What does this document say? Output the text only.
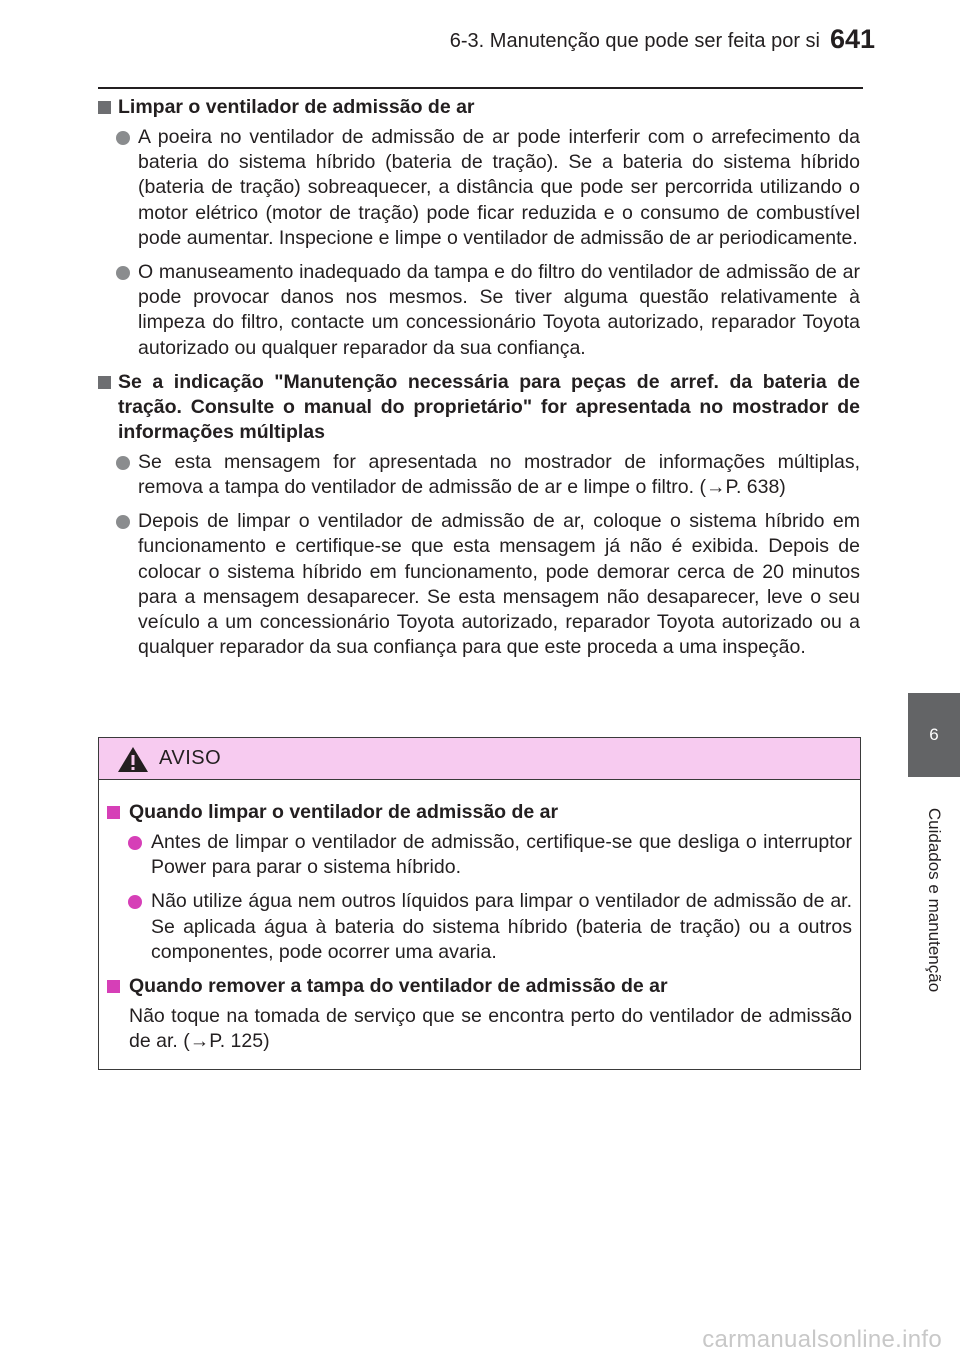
6-3. Manutenção que pode ser feita por si 641
6
Cuidados e manutenção
Limpar o ventilador de admissão de ar
A poeira no ventilador de admissão de ar pode interferir com o arrefecimento da bateria do sistema híbrido (bateria de tração). Se a bateria do sistema híbrido (bateria de tração) sobreaquecer, a distância que pode ser percorrida utilizando o motor elétrico (motor de tração) pode ficar reduzida e o consumo de combustível pode aumentar. Inspecione e limpe o ventilador de admissão de ar periodicamente.
O manuseamento inadequado da tampa e do filtro do ventilador de admissão de ar pode provocar danos nos mesmos. Se tiver alguma questão relativamente à limpeza do filtro, contacte um concessionário Toyota autorizado, reparador Toyota autorizado ou qualquer reparador da sua confiança.
Se a indicação "Manutenção necessária para peças de arref. da bateria de tração. Consulte o manual do proprietário" for apresentada no mostrador de informações múltiplas
Se esta mensagem for apresentada no mostrador de informações múltiplas, remova a tampa do ventilador de admissão de ar e limpe o filtro. (→P. 638)
Depois de limpar o ventilador de admissão de ar, coloque o sistema híbrido em funcionamento e certifique-se que esta mensagem já não é exibida. Depois de colocar o sistema híbrido em funcionamento, pode demorar cerca de 20 minutos para a mensagem desaparecer. Se esta mensagem não desaparecer, leve o seu veículo a um concessionário Toyota autorizado, reparador Toyota autorizado ou a qualquer reparador da sua confiança para que este proceda a uma inspeção.
AVISO
Quando limpar o ventilador de admissão de ar
Antes de limpar o ventilador de admissão, certifique-se que desliga o interruptor Power para parar o sistema híbrido.
Não utilize água nem outros líquidos para limpar o ventilador de admissão de ar. Se aplicada água à bateria do sistema híbrido (bateria de tração) ou a outros componentes, pode ocorrer uma avaria.
Quando remover a tampa do ventilador de admissão de ar

Não toque na tomada de serviço que se encontra perto do ventilador de admissão de ar. (→P. 125)

carmanualsonline.info
